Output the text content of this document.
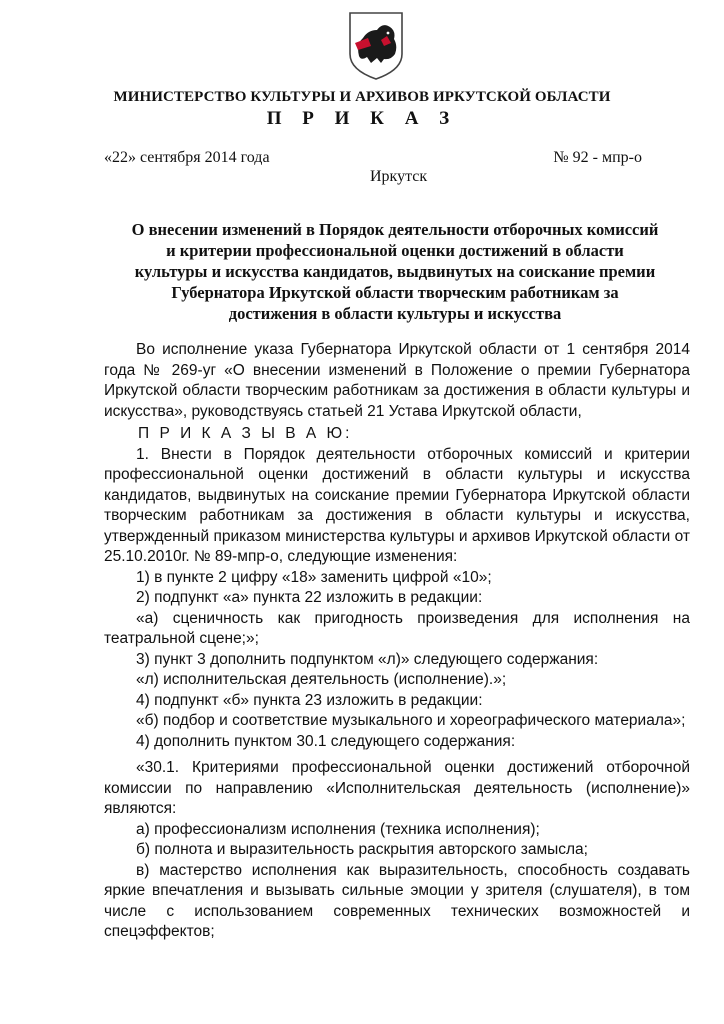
МИНИСТЕРСТВО КУЛЬТУРЫ И АРХИВОВ ИРКУТСКОЙ ОБЛАСТИ
П Р И К А З
«22» сентября 2014 года	№ 92 - мпр-о
Иркутск
О внесении изменений в Порядок деятельности отборочных комиссий
и критерии профессиональной оценки достижений в области
культуры и искусства кандидатов, выдвинутых на соискание премии
Губернатора Иркутской области творческим работникам за
достижения в области культуры и искусства

Во исполнение указа Губернатора Иркутской области от 1 сентября 2014 года № 269-уг «О внесении изменений в Положение о премии Губернатора Иркутской области творческим работникам за достижения в области культуры и искусства», руководствуясь статьей 21 Устава Иркутской области,

П Р И К А З Ы В А Ю:

1. Внести в Порядок деятельности отборочных комиссий и критерии профессиональной оценки достижений в области культуры и искусства кандидатов, выдвинутых на соискание премии Губернатора Иркутской области творческим работникам за достижения в области культуры и искусства, утвержденный приказом министерства культуры и архивов Иркутской области от 25.10.2010г. № 89-мпр-о, следующие изменения:

1) в пункте 2 цифру «18» заменить цифрой «10»;

2) подпункт «а» пункта 22 изложить в редакции:

«а) сценичность как пригодность произведения для исполнения на театральной сцене;»;

3) пункт 3 дополнить подпунктом «л)» следующего содержания:

«л) исполнительская деятельность (исполнение).»;

4) подпункт «б» пункта 23 изложить в редакции:

«б) подбор и соответствие музыкального и хореографического материала»;

4) дополнить пунктом 30.1 следующего содержания:

«30.1. Критериями профессиональной оценки достижений отборочной комиссии по направлению «Исполнительская деятельность (исполнение)» являются:

а) профессионализм исполнения (техника исполнения);

б) полнота и выразительность раскрытия авторского замысла;

в) мастерство исполнения как выразительность, способность создавать яркие впечатления и вызывать сильные эмоции у зрителя (слушателя), в том числе с использованием современных технических возможностей и спецэффектов;
